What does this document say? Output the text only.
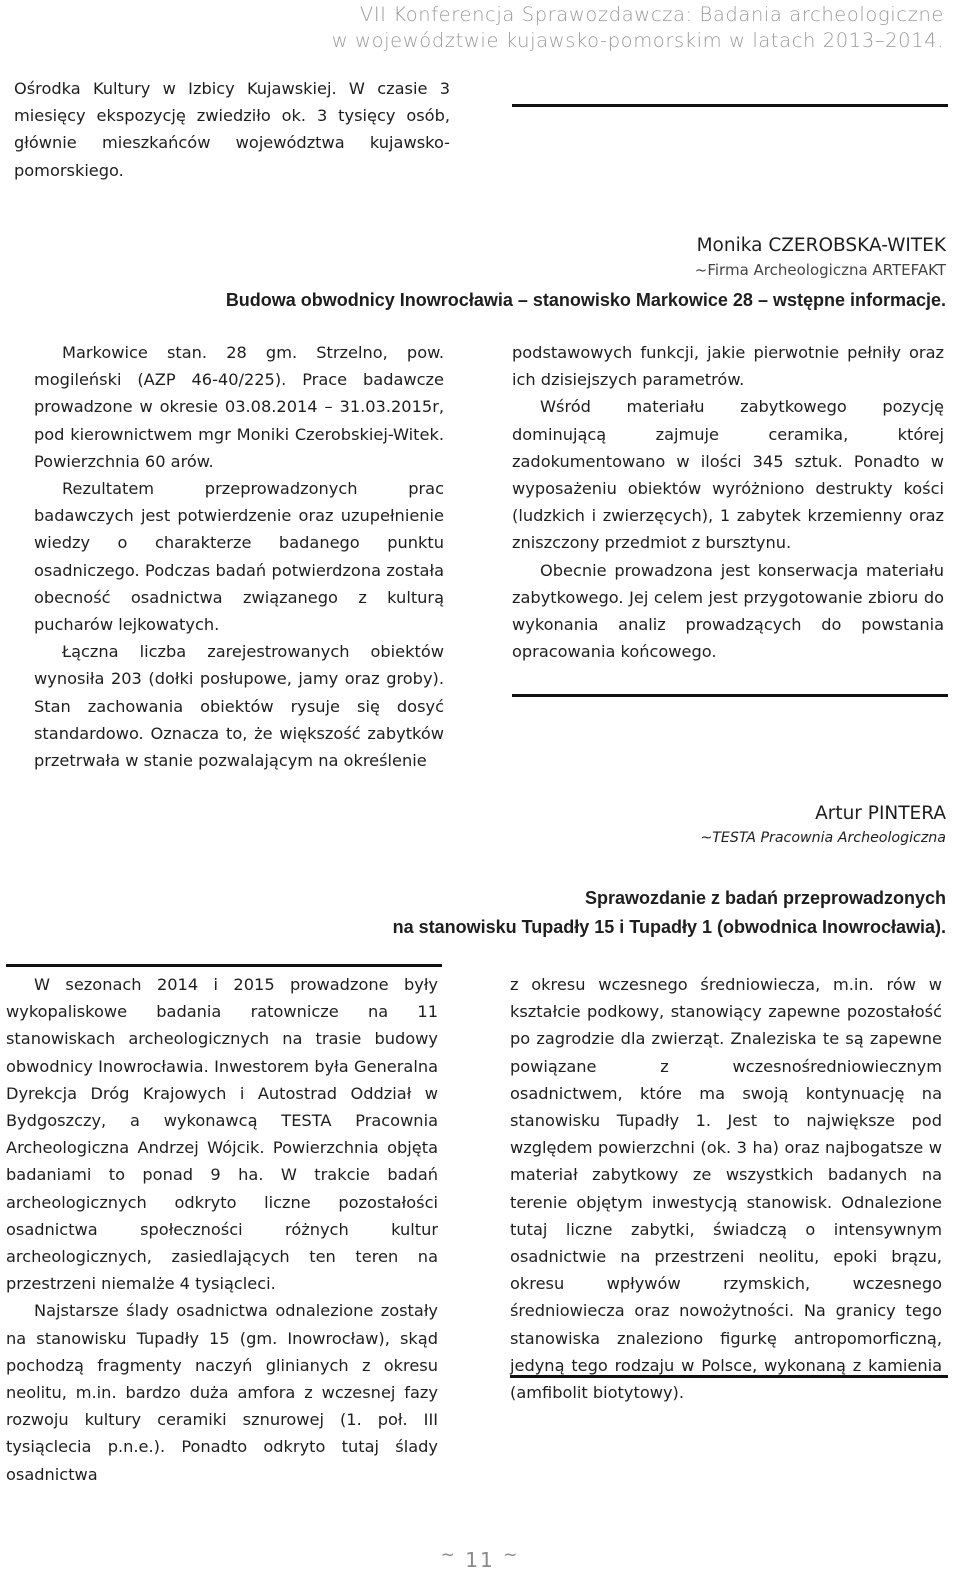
VII Konferencja Sprawozdawcza: Badania archeologiczne
w województwie kujawsko-pomorskim w latach 2013–2014.

Ośrodka Kultury w Izbicy Kujawskiej. W czasie 3 miesięcy ekspozycję zwiedziło ok. 3 tysięcy osób, głównie mieszkańców województwa kujawsko-pomorskiego.

Monika CZEROBSKA-WITEK
~Firma Archeologiczna ARTEFAKT
Budowa obwodnicy Inowrocławia – stanowisko Markowice 28 – wstępne informacje.

Markowice stan. 28 gm. Strzelno, pow. mogileński (AZP 46-40/225). Prace badawcze prowadzone w okresie 03.08.2014 – 31.03.2015r, pod kierownictwem mgr Moniki Czerobskiej-Witek. Powierzchnia 60 arów.

Rezultatem przeprowadzonych prac badawczych jest potwierdzenie oraz uzupełnienie wiedzy o charakterze badanego punktu osadniczego. Podczas badań potwierdzona została obecność osadnictwa związanego z kulturą pucharów lejkowatych.

Łączna liczba zarejestrowanych obiektów wynosiła 203 (dołki posłupowe, jamy oraz groby). Stan zachowania obiektów rysuje się dosyć standardowo. Oznacza to, że większość zabytków przetrwała w stanie pozwalającym na określenie

podstawowych funkcji, jakie pierwotnie pełniły oraz ich dzisiejszych parametrów.

Wśród materiału zabytkowego pozycję dominującą zajmuje ceramika, której zadokumentowano w ilości 345 sztuk. Ponadto w wyposażeniu obiektów wyróżniono destrukty kości (ludzkich i zwierzęcych), 1 zabytek krzemienny oraz zniszczony przedmiot z bursztynu.

Obecnie prowadzona jest konserwacja materiału zabytkowego. Jej celem jest przygotowanie zbioru do wykonania analiz prowadzących do powstania opracowania końcowego.

Artur PINTERA
~TESTA Pracownia Archeologiczna
Sprawozdanie z badań przeprowadzonych
na stanowisku Tupadły 15 i Tupadły 1 (obwodnica Inowrocławia).

W sezonach 2014 i 2015 prowadzone były wykopaliskowe badania ratownicze na 11 stanowiskach archeologicznych na trasie budowy obwodnicy Inowrocławia. Inwestorem była Generalna Dyrekcja Dróg Krajowych i Autostrad Oddział w Bydgoszczy, a wykonawcą TESTA Pracownia Archeologiczna Andrzej Wójcik. Powierzchnia objęta badaniami to ponad 9 ha. W trakcie badań archeologicznych odkryto liczne pozostałości osadnictwa społeczności różnych kultur archeologicznych, zasiedlających ten teren na przestrzeni niemalże 4 tysiącleci.

Najstarsze ślady osadnictwa odnalezione zostały na stanowisku Tupadły 15 (gm. Inowrocław), skąd pochodzą fragmenty naczyń glinianych z okresu neolitu, m.in. bardzo duża amfora z wczesnej fazy rozwoju kultury ceramiki sznurowej (1. poł. III tysiąclecia p.n.e.). Ponadto odkryto tutaj ślady osadnictwa

z okresu wczesnego średniowiecza, m.in. rów w kształcie podkowy, stanowiący zapewne pozostałość po zagrodzie dla zwierząt. Znaleziska te są zapewne powiązane z wczesnośredniowiecznym osadnictwem, które ma swoją kontynuację na stanowisku Tupadły 1. Jest to największe pod względem powierzchni (ok. 3 ha) oraz najbogatsze w materiał zabytkowy ze wszystkich badanych na terenie objętym inwestycją stanowisk. Odnalezione tutaj liczne zabytki, świadczą o intensywnym osadnictwie na przestrzeni neolitu, epoki brązu, okresu wpływów rzymskich, wczesnego średniowiecza oraz nowożytności. Na granicy tego stanowiska znaleziono figurkę antropomorficzną, jedyną tego rodzaju w Polsce, wykonaną z kamienia (amfibolit biotytowy).

~ 11 ~
